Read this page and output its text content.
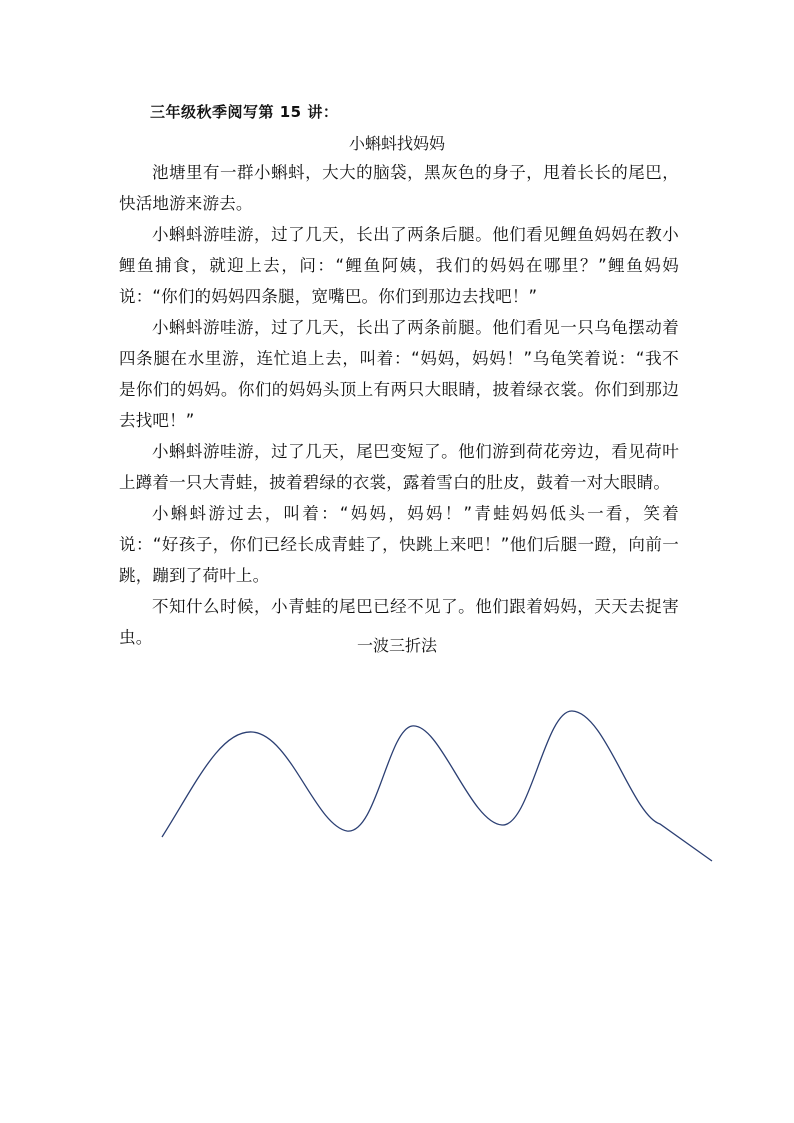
三年级秋季阅写第 15 讲：
小蝌蚪找妈妈

池塘里有一群小蝌蚪，大大的脑袋，黑灰色的身子，甩着长长的尾巴，快活地游来游去。

小蝌蚪游哇游，过了几天，长出了两条后腿。他们看见鲤鱼妈妈在教小鲤鱼捕食，就迎上去，问：“鲤鱼阿姨，我们的妈妈在哪里？”鲤鱼妈妈说：“你们的妈妈四条腿，宽嘴巴。你们到那边去找吧！”

小蝌蚪游哇游，过了几天，长出了两条前腿。他们看见一只乌龟摆动着四条腿在水里游，连忙追上去，叫着：“妈妈，妈妈！”乌龟笑着说：“我不是你们的妈妈。你们的妈妈头顶上有两只大眼睛，披着绿衣裳。你们到那边去找吧！”

小蝌蚪游哇游，过了几天，尾巴变短了。他们游到荷花旁边，看见荷叶上蹲着一只大青蛙，披着碧绿的衣裳，露着雪白的肚皮，鼓着一对大眼睛。

小蝌蚪游过去，叫着：“妈妈，妈妈！”青蛙妈妈低头一看，笑着说：“好孩子，你们已经长成青蛙了，快跳上来吧！”他们后腿一蹬，向前一跳，蹦到了荷叶上。

不知什么时候，小青蛙的尾巴已经不见了。他们跟着妈妈，天天去捉害虫。	一波三折法
